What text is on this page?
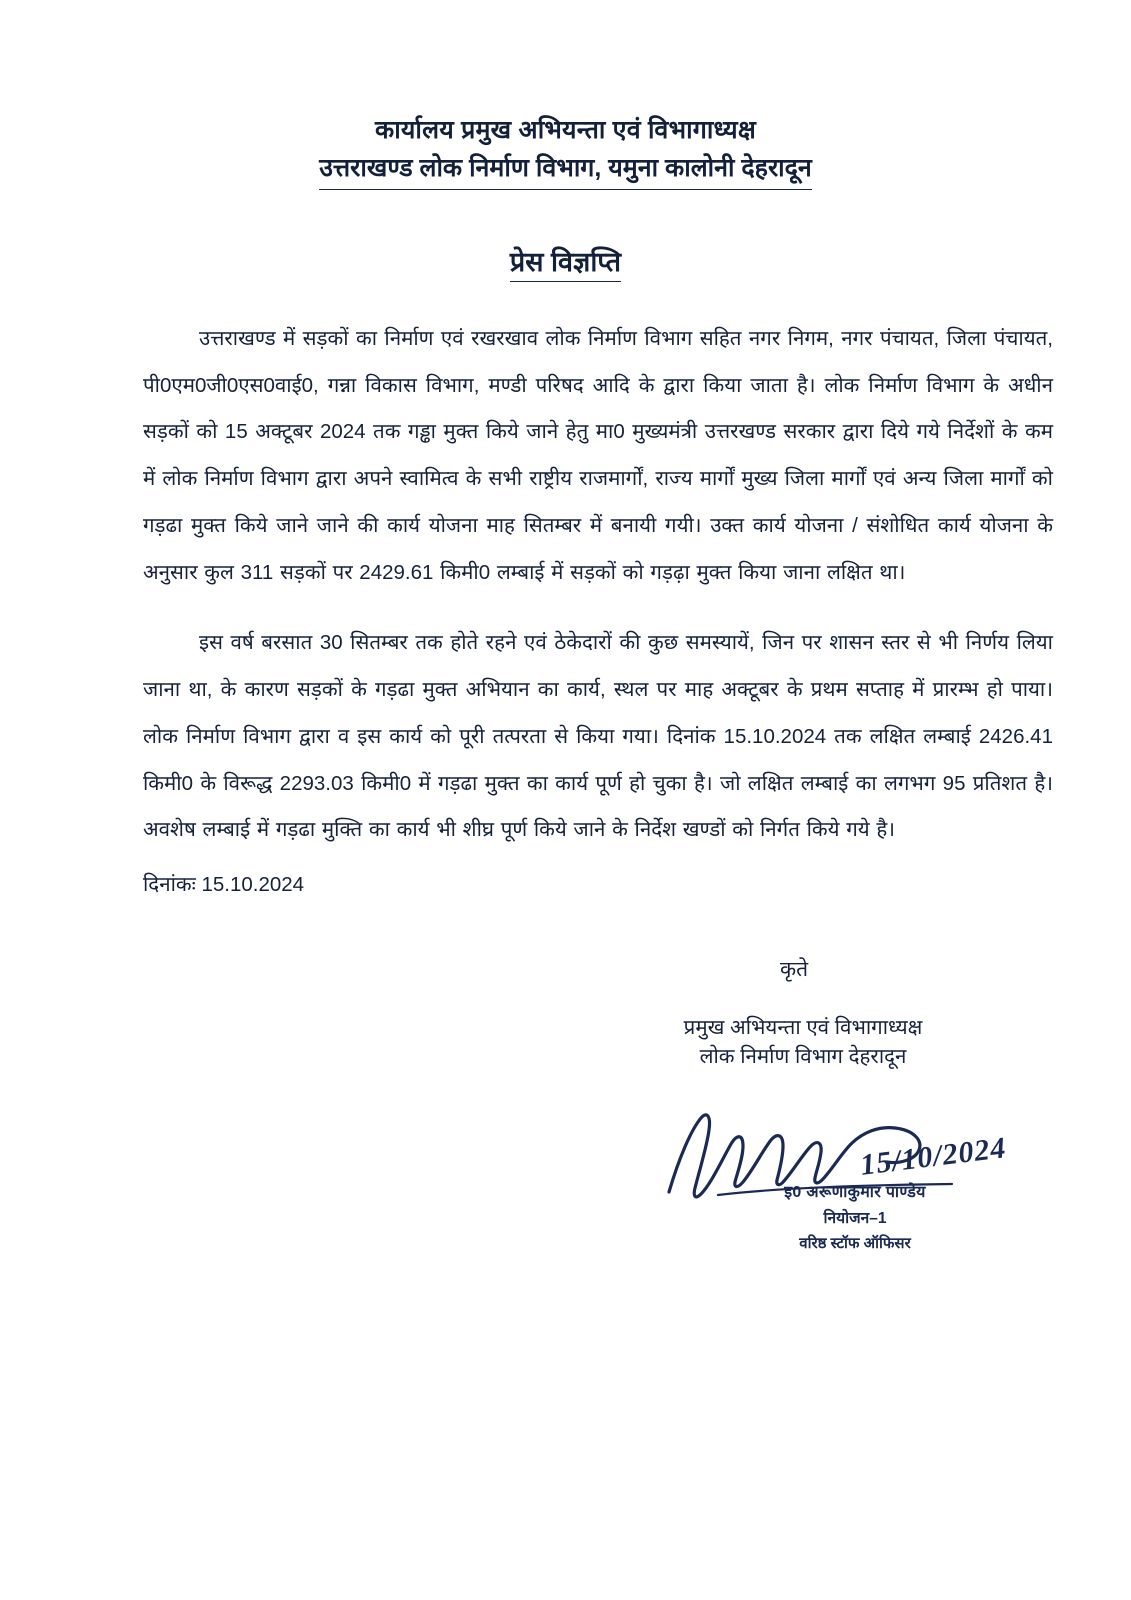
कार्यालय प्रमुख अभियन्ता एवं विभागाध्यक्ष
उत्तराखण्ड लोक निर्माण विभाग, यमुना कालोनी देहरादून
प्रेस विज्ञप्ति

उत्तराखण्ड में सड़कों का निर्माण एवं रखरखाव लोक निर्माण विभाग सहित नगर निगम, नगर पंचायत, जिला पंचायत, पी0एम0जी0एस0वाई0, गन्ना विकास विभाग, मण्डी परिषद आदि के द्वारा किया जाता है। लोक निर्माण विभाग के अधीन सड़कों को 15 अक्टूबर 2024 तक गड्ढा मुक्त किये जाने हेतु मा0 मुख्यमंत्री उत्तरखण्ड सरकार द्वारा दिये गये निर्देशों के कम में लोक निर्माण विभाग द्वारा अपने स्वामित्व के सभी राष्ट्रीय राजमार्गों, राज्य मार्गों मुख्य जिला मार्गों एवं अन्य जिला मार्गों को गड़ढा मुक्त किये जाने जाने की कार्य योजना माह सितम्बर में बनायी गयी। उक्त कार्य योजना / संशोधित कार्य योजना के अनुसार कुल 311 सड़कों पर 2429.61 किमी0 लम्बाई में सड़कों को गड़ढ़ा मुक्त किया जाना लक्षित था।

इस वर्ष बरसात 30 सितम्बर तक होते रहने एवं ठेकेदारों की कुछ समस्यायें, जिन पर शासन स्तर से भी निर्णय लिया जाना था, के कारण सड़कों के गड़ढा मुक्त अभियान का कार्य, स्थल पर माह अक्टूबर के प्रथम सप्ताह में प्रारम्भ हो पाया। लोक निर्माण विभाग द्वारा व इस कार्य को पूरी तत्परता से किया गया। दिनांक 15.10.2024 तक लक्षित लम्बाई 2426.41 किमी0 के विरूद्ध 2293.03 किमी0 में गड़ढा मुक्त का कार्य पूर्ण हो चुका है। जो लक्षित लम्बाई का लगभग 95 प्रतिशत है। अवशेष लम्बाई में गड़ढा मुक्ति का कार्य भी शीघ्र पूर्ण किये जाने के निर्देश खण्डों को निर्गत किये गये है।

दिनांकः 15.10.2024
कृते
प्रमुख अभियन्ता एवं विभागाध्यक्ष
लोक निर्माण विभाग देहरादून
15/10/2024
इ0 अरूणाकुमार पाण्डेय
नियोजन–1
वरिष्ठ स्टॉफ ऑफिसर
